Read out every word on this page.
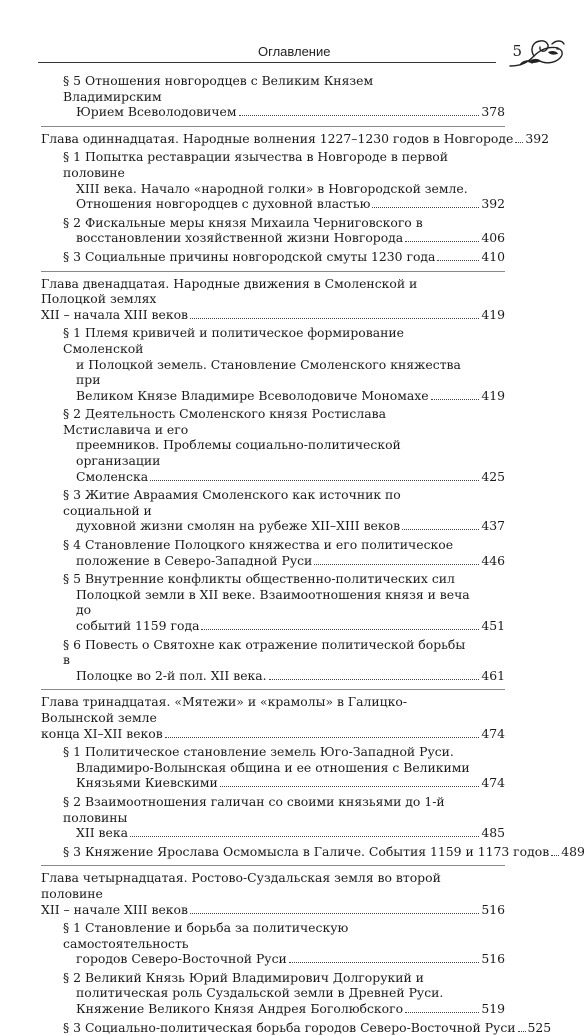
Оглавление	5
§ 5 Отношения новгородцев с Великим Князем Владимирским
Юрием Всеволодовичем	378
Глава одиннадцатая. Народные волнения 1227–1230 годов в Новгороде 392
§ 1 Попытка реставрации язычества в Новгороде в первой половине
XIII века. Начало «народной голки» в Новгородской земле.
Отношения новгородцев с духовной властью	392
§ 2 Фискальные меры князя Михаила Черниговского в
восстановлении хозяйственной жизни Новгорода	406
§ 3 Социальные причины новгородской смуты 1230 года	410
Глава двенадцатая. Народные движения в Смоленской и Полоцкой землях
XII – начала XIII веков	419
§ 1 Племя кривичей и политическое формирование Смоленской
и Полоцкой земель. Становление Смоленского княжества при
Великом Князе Владимире Всеволодовиче Мономахе	419
§ 2 Деятельность Смоленского князя Ростислава Мстиславича и его
преемников. Проблемы социально-политической организации
Смоленска	425
§ 3 Житие Авраамия Смоленского как источник по социальной и
духовной жизни смолян на рубеже XII–XIII веков	437
§ 4 Становление Полоцкого княжества и его политическое
положение в Северо-Западной Руси	446
§ 5 Внутренние конфликты общественно-политических сил
Полоцкой земли в XII веке. Взаимоотношения князя и веча до
событий 1159 года	451
§ 6 Повесть о Святохне как отражение политической борьбы в
Полоцке во 2-й пол. XII века.	461
Глава тринадцатая. «Мятежи» и «крамолы» в Галицко-Волынской земле
конца XI–XII веков	474
§ 1 Политическое становление земель Юго-Западной Руси.
Владимиро-Волынская община и ее отношения с Великими
Князьями Киевскими	474
§ 2 Взаимоотношения галичан со своими князьями до 1-й половины
XII века	485
§ 3 Княжение Ярослава Осмомысла в Галиче. События 1159 и 1173 годов 489
Глава четырнадцатая. Ростово-Суздальская земля во второй половине
XII – начале XIII веков	516
§ 1 Становление и борьба за политическую самостоятельность
городов Северо-Восточной Руси	516
§ 2 Великий Князь Юрий Владимирович Долгорукий и
политическая роль Суздальской земли в Древней Руси.
Княжение Великого Князя Андрея Боголюбского	519
§ 3 Социально-политическая борьба городов Северо-Восточной Руси 525
